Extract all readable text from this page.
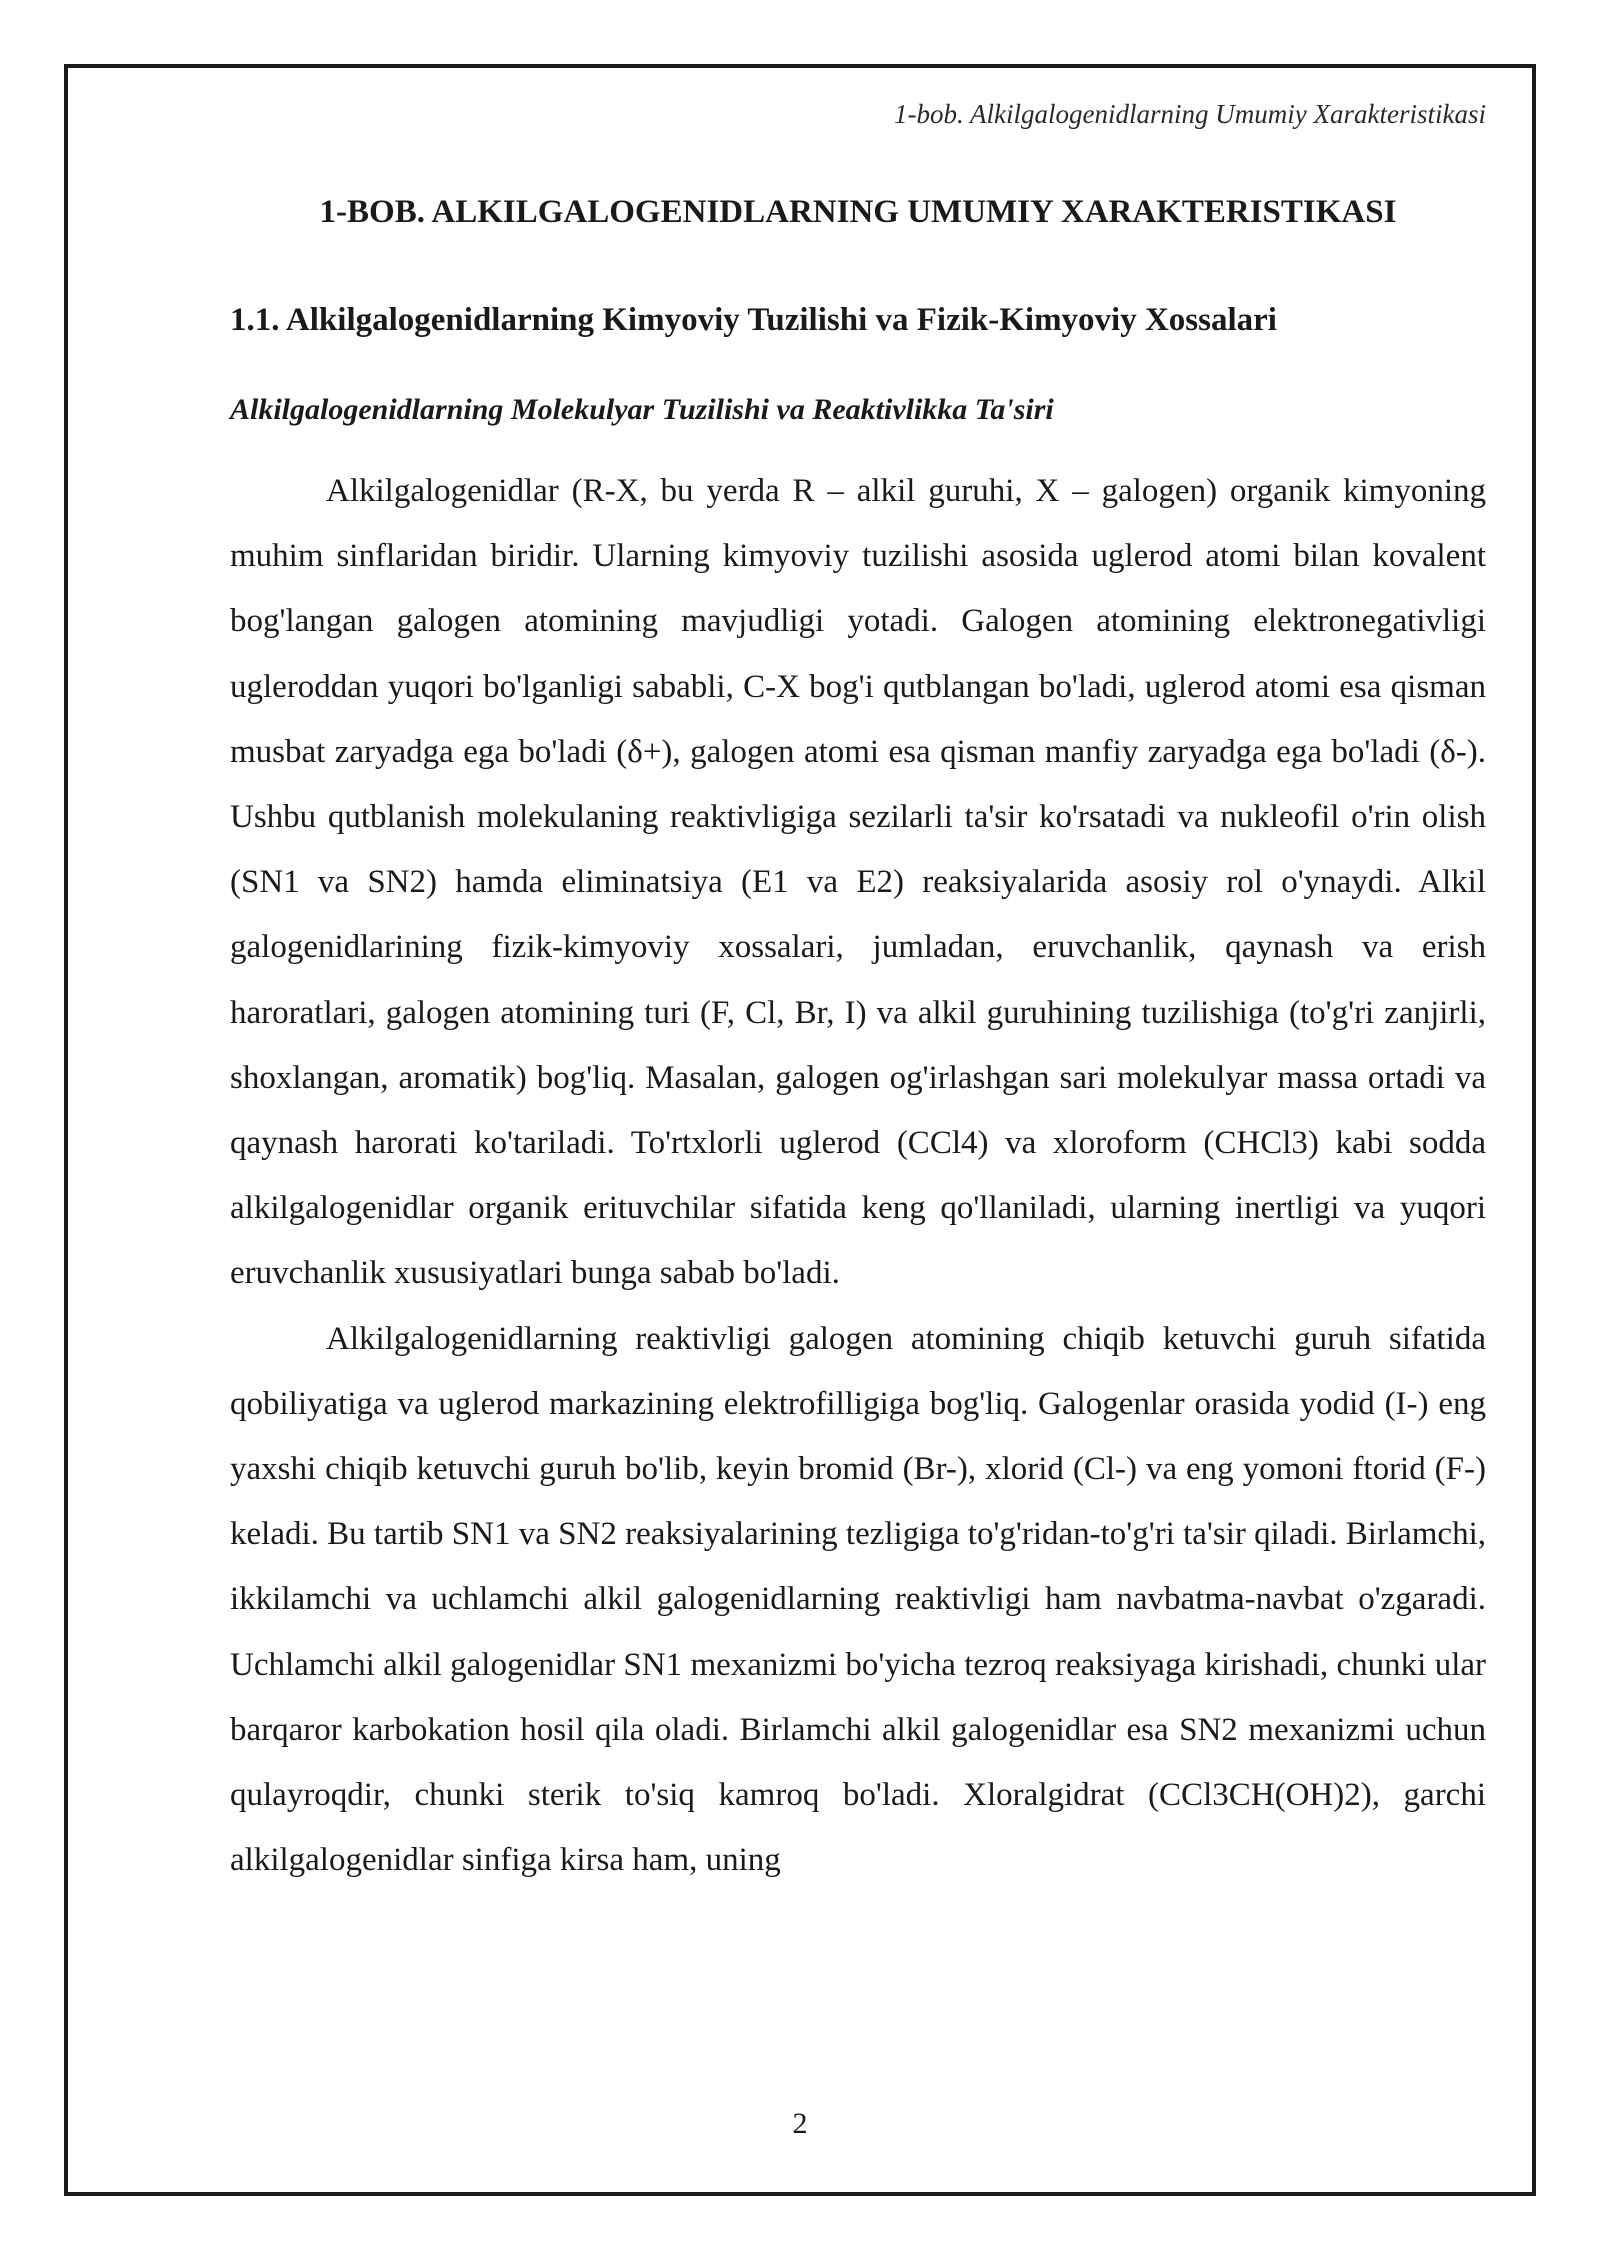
1-bob. Alkilgalogenidlarning Umumiy Xarakteristikasi
1-BOB. ALKILGALOGENIDLARNING UMUMIY XARAKTERISTIKASI
1.1. Alkilgalogenidlarning Kimyoviy Tuzilishi va Fizik-Kimyoviy Xossalari
Alkilgalogenidlarning Molekulyar Tuzilishi va Reaktivlikka Ta'siri

Alkilgalogenidlar (R-X, bu yerda R – alkil guruhi, X – galogen) organik kimyoning muhim sinflaridan biridir. Ularning kimyoviy tuzilishi asosida uglerod atomi bilan kovalent bog'langan galogen atomining mavjudligi yotadi. Galogen atomining elektronegativligi ugleroddan yuqori bo'lganligi sababli, C-X bog'i qutblangan bo'ladi, uglerod atomi esa qisman musbat zaryadga ega bo'ladi (δ+), galogen atomi esa qisman manfiy zaryadga ega bo'ladi (δ-). Ushbu qutblanish molekulaning reaktivligiga sezilarli ta'sir ko'rsatadi va nukleofil o'rin olish (SN1 va SN2) hamda eliminatsiya (E1 va E2) reaksiyalarida asosiy rol o'ynaydi. Alkil galogenidlarining fizik-kimyoviy xossalari, jumladan, eruvchanlik, qaynash va erish haroratlari, galogen atomining turi (F, Cl, Br, I) va alkil guruhining tuzilishiga (to'g'ri zanjirli, shoxlangan, aromatik) bog'liq. Masalan, galogen og'irlashgan sari molekulyar massa ortadi va qaynash harorati ko'tariladi. To'rtxlorli uglerod (CCl4) va xloroform (CHCl3) kabi sodda alkilgalogenidlar organik erituvchilar sifatida keng qo'llaniladi, ularning inertligi va yuqori eruvchanlik xususiyatlari bunga sabab bo'ladi.

Alkilgalogenidlarning reaktivligi galogen atomining chiqib ketuvchi guruh sifatida qobiliyatiga va uglerod markazining elektrofilligiga bog'liq. Galogenlar orasida yodid (I-) eng yaxshi chiqib ketuvchi guruh bo'lib, keyin bromid (Br-), xlorid (Cl-) va eng yomoni ftorid (F-) keladi. Bu tartib SN1 va SN2 reaksiyalarining tezligiga to'g'ridan-to'g'ri ta'sir qiladi. Birlamchi, ikkilamchi va uchlamchi alkil galogenidlarning reaktivligi ham navbatma-navbat o'zgaradi. Uchlamchi alkil galogenidlar SN1 mexanizmi bo'yicha tezroq reaksiyaga kirishadi, chunki ular barqaror karbokation hosil qila oladi. Birlamchi alkil galogenidlar esa SN2 mexanizmi uchun qulayroqdir, chunki sterik to'siq kamroq bo'ladi. Xloralgidrat (CCl3CH(OH)2), garchi alkilgalogenidlar sinfiga kirsa ham, uning

2
